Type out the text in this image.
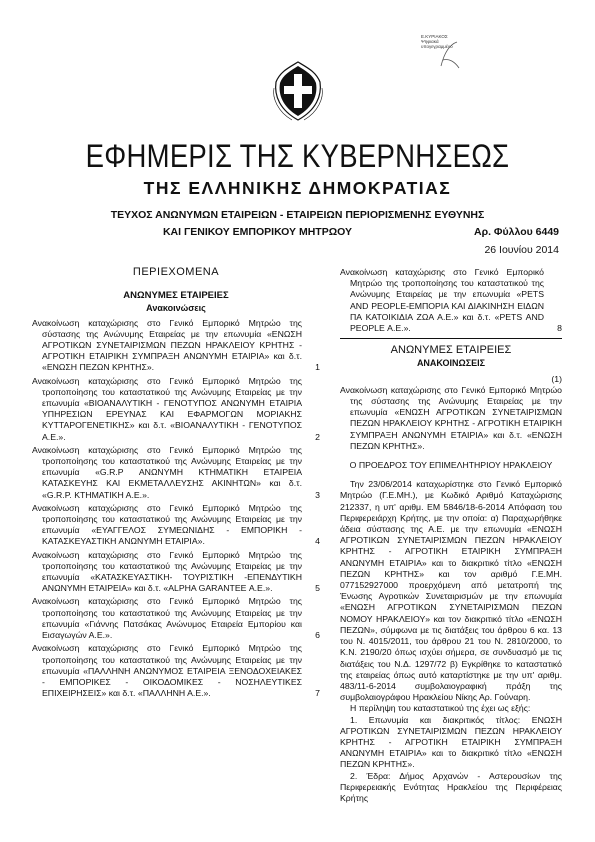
Ε.ΚΥΡΙΑΚΟΣ
Ψηφιακά
υπογεγραμμένο
ΕΦΗΜΕΡΙΣ ΤΗΣ ΚΥΒΕΡΝΗΣΕΩΣ
ΤΗΣ ΕΛΛΗΝΙΚΗΣ ΔΗΜΟΚΡΑΤΙΑΣ
ΤΕΥΧΟΣ ΑΝΩΝΥΜΩΝ ΕΤΑΙΡΕΙΩΝ - ΕΤΑΙΡΕΙΩΝ ΠΕΡΙΟΡΙΣΜΕΝΗΣ ΕΥΘΥΝΗΣ
ΚΑΙ ΓΕΝΙΚΟΥ ΕΜΠΟΡΙΚΟΥ ΜΗΤΡΩΟΥ	Αρ. Φύλλου 6449
26 Ιουνίου 2014
ΠΕΡΙΕΧΟΜΕΝΑ
ΑΝΩΝΥΜΕΣ ΕΤΑΙΡΕΙΕΣ
Ανακοινώσεις
Ανακοίνωση καταχώρισης στο Γενικό Εμπορικό Μητρώο της σύστασης της Ανώνυμης Εταιρείας με την επωνυμία «ΕΝΩΣΗ ΑΓΡΟΤΙΚΩΝ ΣΥΝΕΤΑΙΡΙΣΜΩΝ ΠΕΖΩΝ ΗΡΑΚΛΕΙΟΥ ΚΡΗΤΗΣ - ΑΓΡΟΤΙΚΗ ΕΤΑΙΡΙΚΗ ΣΥΜΠΡΑΞΗ ΑΝΩΝΥΜΗ ΕΤΑΙΡΙΑ» και δ.τ. «ΕΝΩΣΗ ΠΕΖΩΝ ΚΡΗΤΗΣ».	1
Ανακοίνωση καταχώρισης στο Γενικό Εμπορικό Μητρώο της τροποποίησης του καταστατικού της Ανώνυμης Εταιρείας με την επωνυμία «ΒΙΟΑΝΑΛΥΤΙΚΗ - ΓΕΝΟΤΥΠΟΣ ΑΝΩΝΥΜΗ ΕΤΑΙΡΙΑ ΥΠΗΡΕΣΙΩΝ ΕΡΕΥΝΑΣ ΚΑΙ ΕΦΑΡΜΟΓΩΝ ΜΟΡΙΑΚΗΣ ΚΥΤΤΑΡΟΓΕΝΕΤΙΚΗΣ» και δ.τ. «ΒΙΟΑΝΑΛΥΤΙΚΗ - ΓΕΝΟΤΥΠΟΣ Α.Ε.».	2
Ανακοίνωση καταχώρισης στο Γενικό Εμπορικό Μητρώο της τροποποίησης του καταστατικού της Ανώνυμης Εταιρείας με την επωνυμία «G.R.P ΑΝΩΝΥΜΗ ΚΤΗΜΑΤΙΚΗ ΕΤΑΙΡΕΙΑ ΚΑΤΑΣΚΕΥΗΣ ΚΑΙ ΕΚΜΕΤΑΛΛΕΥΣΗΣ ΑΚΙΝΗΤΩΝ» και δ.τ. «G.R.P. ΚΤΗΜΑΤΙΚΗ Α.Ε.».	3
Ανακοίνωση καταχώρισης στο Γενικό Εμπορικό Μητρώο της τροποποίησης του καταστατικού της Ανώνυμης Εταιρείας με την επωνυμία «ΕΥΑΓΓΕΛΟΣ ΣΥΜΕΩΝΙΔΗΣ - ΕΜΠΟΡΙΚΗ - ΚΑΤΑΣΚΕΥΑΣΤΙΚΗ ΑΝΩΝΥΜΗ ΕΤΑΙΡΙΑ».	4
Ανακοίνωση καταχώρισης στο Γενικό Εμπορικό Μητρώο της τροποποίησης του καταστατικού της Ανώνυμης Εταιρείας με την επωνυμία «ΚΑΤΑΣΚΕΥΑΣΤΙΚΗ- ΤΟΥΡΙΣΤΙΚΗ -ΕΠΕΝΔΥΤΙΚΗ ΑΝΩΝΥΜΗ ΕΤΑΙΡΕΙΑ» και δ.τ. «ALPHA GARANTEE Α.Ε.».	5
Ανακοίνωση καταχώρισης στο Γενικό Εμπορικό Μητρώο της τροποποίησης του καταστατικού της Ανώνυμης Εταιρείας με την επωνυμία «Γιάννης Πατσάκας Ανώνυμος Εταιρεία Εμπορίου και Εισαγωγών Α.Ε.».	6
Ανακοίνωση καταχώρισης στο Γενικό Εμπορικό Μητρώο της τροποποίησης του καταστατικού της Ανώνυμης Εταιρείας με την επωνυμία «ΠΑΛΛΗΝΗ ΑΝΩΝΥΜΟΣ ΕΤΑΙΡΕΙΑ ΞΕΝΟΔΟΧΕΙΑΚΕΣ - ΕΜΠΟΡΙΚΕΣ - ΟΙΚΟΔΟΜΙΚΕΣ - ΝΟΣΗΛΕΥΤΙΚΕΣ ΕΠΙΧΕΙΡΗΣΕΙΣ» και δ.τ. «ΠΑΛΛΗΝΗ Α.Ε.».	7
Ανακοίνωση καταχώρισης στο Γενικό Εμπορικό Μητρώο της τροποποίησης του καταστατικού της Ανώνυμης Εταιρείας με την επωνυμία «PETS AND PEOPLE-ΕΜΠΟΡΙΑ ΚΑΙ ΔΙΑΚΙΝΗΣΗ ΕΙΔΩΝ ΠΑ ΚΑΤΟΙΚΙΔΙΑ ΖΩΑ Α.Ε.» και δ.τ. «PETS AND PEOPLE Α.Ε.».	8
ΑΝΩΝΥΜΕΣ ΕΤΑΙΡΕΙΕΣ
ΑΝΑΚΟΙΝΩΣΕΙΣ
(1)
Ανακοίνωση καταχώρισης στο Γενικό Εμπορικό Μητρώο της σύστασης της Ανώνυμης Εταιρείας με την επωνυμία «ΕΝΩΣΗ ΑΓΡΟΤΙΚΩΝ ΣΥΝΕΤΑΙΡΙΣΜΩΝ ΠΕΖΩΝ ΗΡΑΚΛΕΙΟΥ ΚΡΗΤΗΣ - ΑΓΡΟΤΙΚΗ ΕΤΑΙΡΙΚΗ ΣΥΜΠΡΑΞΗ ΑΝΩΝΥΜΗ ΕΤΑΙΡΙΑ» και δ.τ. «ΕΝΩΣΗ ΠΕΖΩΝ ΚΡΗΤΗΣ».
Ο ΠΡΟΕΔΡΟΣ ΤΟΥ ΕΠΙΜΕΛΗΤΗΡΙΟΥ ΗΡΑΚΛΕΙΟΥ
Την 23/06/2014 καταχωρίστηκε στο Γενικό Εμπορικό Μητρώο (Γ.Ε.ΜΗ.), με Κωδικό Αριθμό Καταχώρισης 212337, η υπ' αριθμ. ΕΜ 5846/18-6-2014 Απόφαση του Περιφερειάρχη Κρήτης, με την οποία: α) Παραχωρήθηκε άδεια σύστασης της Α.Ε. με την επωνυμία «ΕΝΩΣΗ ΑΓΡΟΤΙΚΩΝ ΣΥΝΕΤΑΙΡΙΣΜΩΝ ΠΕΖΩΝ ΗΡΑΚΛΕΙΟΥ ΚΡΗΤΗΣ - ΑΓΡΟΤΙΚΗ ΕΤΑΙΡΙΚΗ ΣΥΜΠΡΑΞΗ ΑΝΩΝΥΜΗ ΕΤΑΙΡΙΑ» και το διακριτικό τίτλο «ΕΝΩΣΗ ΠΕΖΩΝ ΚΡΗΤΗΣ» και τον αριθμό Γ.Ε.ΜΗ. 077152927000 προερχόμενη από μετατροπή της Ένωσης Αγροτικών Συνεταιρισμών με την επωνυμία «ΕΝΩΣΗ ΑΓΡΟΤΙΚΩΝ ΣΥΝΕΤΑΙΡΙΣΜΩΝ ΠΕΖΩΝ ΝΟΜΟΥ ΗΡΑΚΛΕΙΟΥ» και τον διακριτικό τίτλο «ΕΝΩΣΗ ΠΕΖΩΝ», σύμφωνα με τις διατάξεις του άρθρου 6 κα. 13 του Ν. 4015/2011, του άρθρου 21 του Ν. 2810/2000, το Κ.Ν. 2190/20 όπως ισχύει σήμερα, σε συνδυασμό με τις διατάξεις του Ν.Δ. 1297/72 β) Εγκρίθηκε το καταστατικό της εταιρείας όπως αυτό καταρτίστηκε με την υπ' αριθμ. 483/11-6-2014 συμβολαιογραφική πράξη της συμβολαιογράφου Ηρακλείου Νίκης Αρ. Γούναρη.
Η περίληψη του καταστατικού της έχει ως εξής:
1. Επωνυμία και διακριτικός τίτλος: ΕΝΩΣΗ ΑΓΡΟΤΙΚΩΝ ΣΥΝΕΤΑΙΡΙΣΜΩΝ ΠΕΖΩΝ ΗΡΑΚΛΕΙΟΥ ΚΡΗΤΗΣ - ΑΓΡΟΤΙΚΗ ΕΤΑΙΡΙΚΗ ΣΥΜΠΡΑΞΗ ΑΝΩΝΥΜΗ ΕΤΑΙΡΙΑ» και το διακριτικό τίτλο «ΕΝΩΣΗ ΠΕΖΩΝ ΚΡΗΤΗΣ».
2. Έδρα: Δήμος Αρχανών - Αστερουσίων της Περιφερειακής Ενότητας Ηρακλείου της Περιφέρειας Κρήτης
